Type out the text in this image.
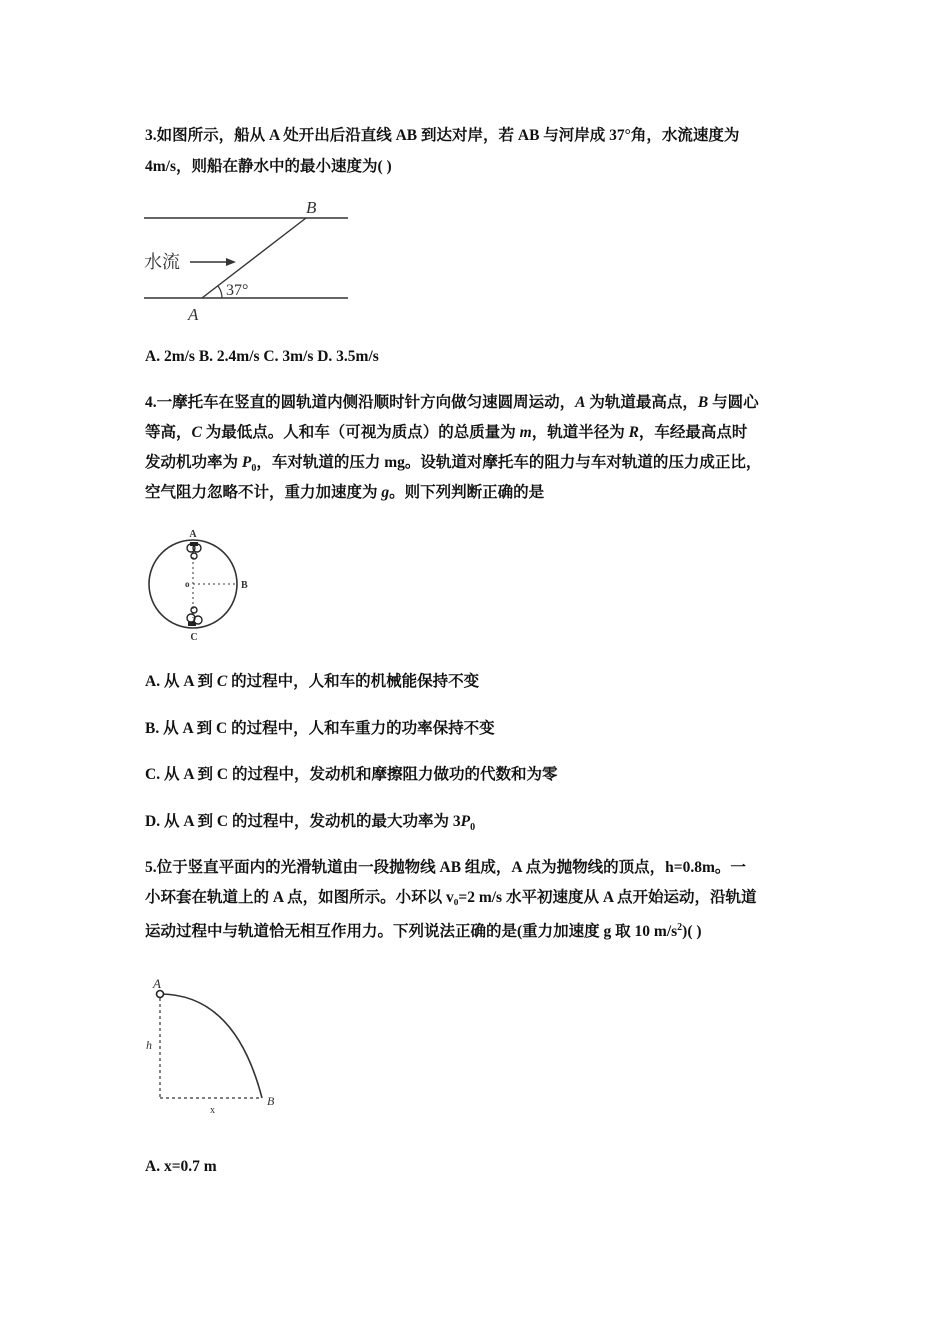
3.如图所示，船从 A 处开出后沿直线 AB 到达对岸，若 AB 与河岸成 37°角，水流速度为
4m/s，则船在静水中的最小速度为( )
B
A
水流
37°
A. 2m/s B. 2.4m/s C. 3m/s D. 3.5m/s
4.一摩托车在竖直的圆轨道内侧沿顺时针方向做匀速圆周运动，A 为轨道最高点，B 与圆心
等高，C 为最低点。人和车（可视为质点）的总质量为 m，轨道半径为 R，车经最高点时
发动机功率为 $P_0$，车对轨道的压力 mg。设轨道对摩托车的阻力与车对轨道的压力成正比，
空气阻力忽略不计，重力加速度为 g。则下列判断正确的是
A
B
C
o
A. 从 A 到 C 的过程中，人和车的机械能保持不变
B. 从 A 到 C 的过程中，人和车重力的功率保持不变
C. 从 A 到 C 的过程中，发动机和摩擦阻力做功的代数和为零
D. 从 A 到 C 的过程中，发动机的最大功率为 $3P_0$
5.位于竖直平面内的光滑轨道由一段抛物线 AB 组成，A 点为抛物线的顶点，h=0.8m。一
小环套在轨道上的 A 点，如图所示。小环以 v₀=2 m/s 水平初速度从 A 点开始运动，沿轨道
运动过程中与轨道恰无相互作用力。下列说法正确的是(重力加速度 g 取 10 $m/s^2$)( )
A
h
x
B
A. x=0.7 m
